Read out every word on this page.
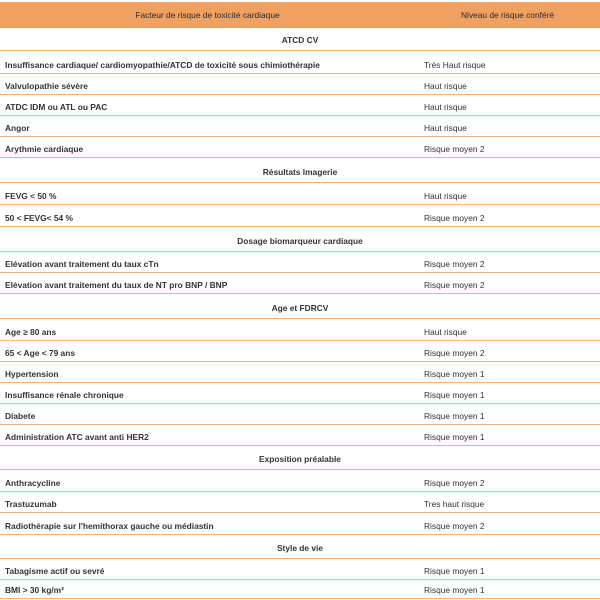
Facteur de risque de toxicité cardiaque	Niveau de risque conféré
ATCD CV
Insuffisance cardiaque/ cardiomyopathie/ATCD de toxicité sous chimiothérapie	Très Haut risque
Valvulopathie sévère	Haut risque
ATDC IDM ou ATL ou PAC	Haut risque
Angor	Haut risque
Arythmie cardiaque	Risque moyen 2
Résultats Imagerie
FEVG < 50 %	Haut risque
50 < FEVG< 54 %	Risque moyen 2
Dosage biomarqueur cardiaque
Elévation avant traitement du taux cTn	Risque moyen 2
Elévation avant traitement du taux de NT pro BNP / BNP	Risque moyen 2
Age et FDRCV
Age ≥ 80 ans	Haut risque
65 < Age < 79 ans	Risque moyen 2
Hypertension	Risque moyen 1
Insuffisance rénale chronique	Risque moyen 1
Diabete	Risque moyen 1
Administration ATC avant anti HER2	Risque moyen 1
Exposition préalable
Anthracycline	Risque moyen 2
Trastuzumab	Tres haut risque
Radiothérapie sur l'hemithorax gauche ou médiastin	Risque moyen 2
Style de vie
Tabagisme actif ou sevré	Risque moyen 1
BMI > 30 kg/m²	Risque moyen 1
